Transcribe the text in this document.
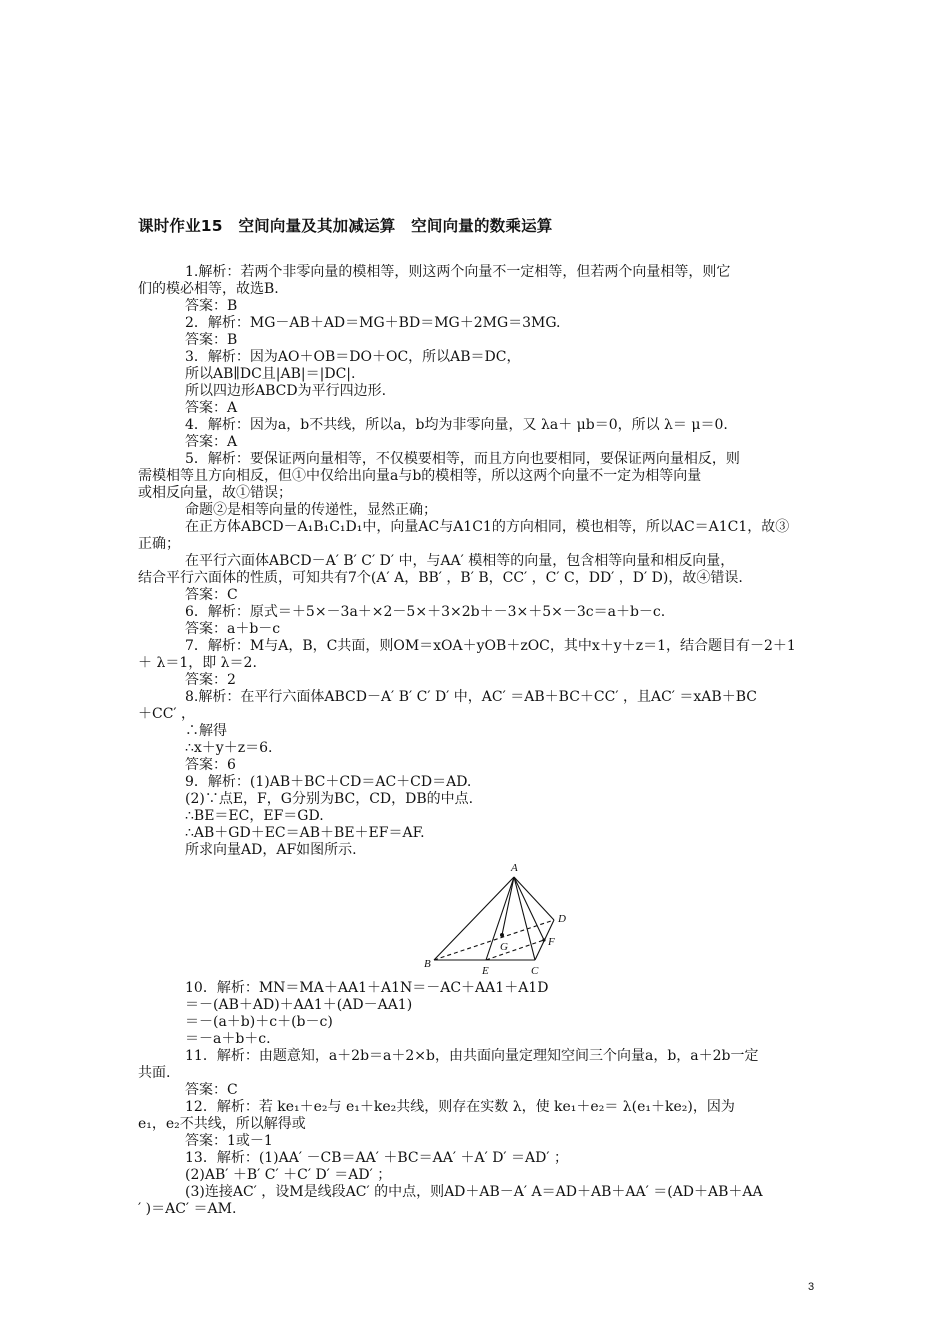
课时作业15　空间向量及其加减运算　空间向量的数乘运算
1.解析：若两个非零向量的模相等，则这两个向量不一定相等，但若两个向量相等，则它
们的模必相等，故选B.
答案：B
2．解析：MG－AB＋AD＝MG＋BD＝MG＋2MG＝3MG.
答案：B
3．解析：因为AO＋OB＝DO＋OC，所以AB＝DC，
所以AB∥DC且|AB|＝|DC|.
所以四边形ABCD为平行四边形.
答案：A
4．解析：因为a，b不共线，所以a，b均为非零向量，又 λa＋ μb＝0，所以 λ＝ μ＝0.
答案：A
5．解析：要保证两向量相等，不仅模要相等，而且方向也要相同，要保证两向量相反，则
需模相等且方向相反，但①中仅给出向量a与b的模相等，所以这两个向量不一定为相等向量
或相反向量，故①错误；
命题②是相等向量的传递性，显然正确；
在正方体ABCD－A₁B₁C₁D₁中，向量AC与A1C1的方向相同，模也相等，所以AC＝A1C1，故③
正确；
在平行六面体ABCD－A′ B′ C′ D′ 中，与AA′ 模相等的向量，包含相等向量和相反向量，
结合平行六面体的性质，可知共有7个(A′ A，BB′ ，B′ B，CC′ ，C′ C，DD′ ，D′ D)，故④错误.
答案：C
6．解析：原式＝＋5×－3a＋×2－5×＋3×2b＋－3×＋5×－3c＝a＋b－c.
答案：a＋b－c
7．解析：M与A，B，C共面，则OM＝xOA＋yOB＋zOC，其中x＋y＋z＝1，结合题目有－2＋1
＋ λ＝1，即 λ＝2.
答案：2
8.解析：在平行六面体ABCD－A′ B′ C′ D′ 中，AC′ ＝AB＋BC＋CC′ ，且AC′ ＝xAB＋BC
＋CC′ ，
∴解得
∴x＋y＋z＝6.
答案：6
9．解析：(1)AB＋BC＋CD＝AC＋CD＝AD.
(2)∵点E，F，G分别为BC，CD，DB的中点.
∴BE＝EC，EF＝GD.
∴AB＋GD＋EC＝AB＋BE＋EF＝AF.
所求向量AD，AF如图所示.
10．解析：MN＝MA＋AA1＋A1N＝－AC＋AA1＋A1D
＝－(AB＋AD)＋AA1＋(AD－AA1)
＝－(a＋b)＋c＋(b－c)
＝－a＋b＋c.
11．解析：由题意知，a＋2b＝a＋2×b，由共面向量定理知空间三个向量a，b，a＋2b一定
共面.
答案：C
12．解析：若 ke₁＋e₂与 e₁＋ke₂共线，则存在实数 λ，使 ke₁＋e₂＝ λ(e₁＋ke₂)，因为
e₁，e₂不共线，所以解得或
答案：1或－1
13．解析：(1)AA′ －CB＝AA′ ＋BC＝AA′ ＋A′ D′ ＝AD′ ；
(2)AB′ ＋B′ C′ ＋C′ D′ ＝AD′ ；
(3)连接AC′ ，设M是线段AC′ 的中点，则AD＋AB－A′ A＝AD＋AB＋AA′ ＝(AD＋AB＋AA
′ )＝AC′ ＝AM.
A
B
C
D
E
F
G
3
